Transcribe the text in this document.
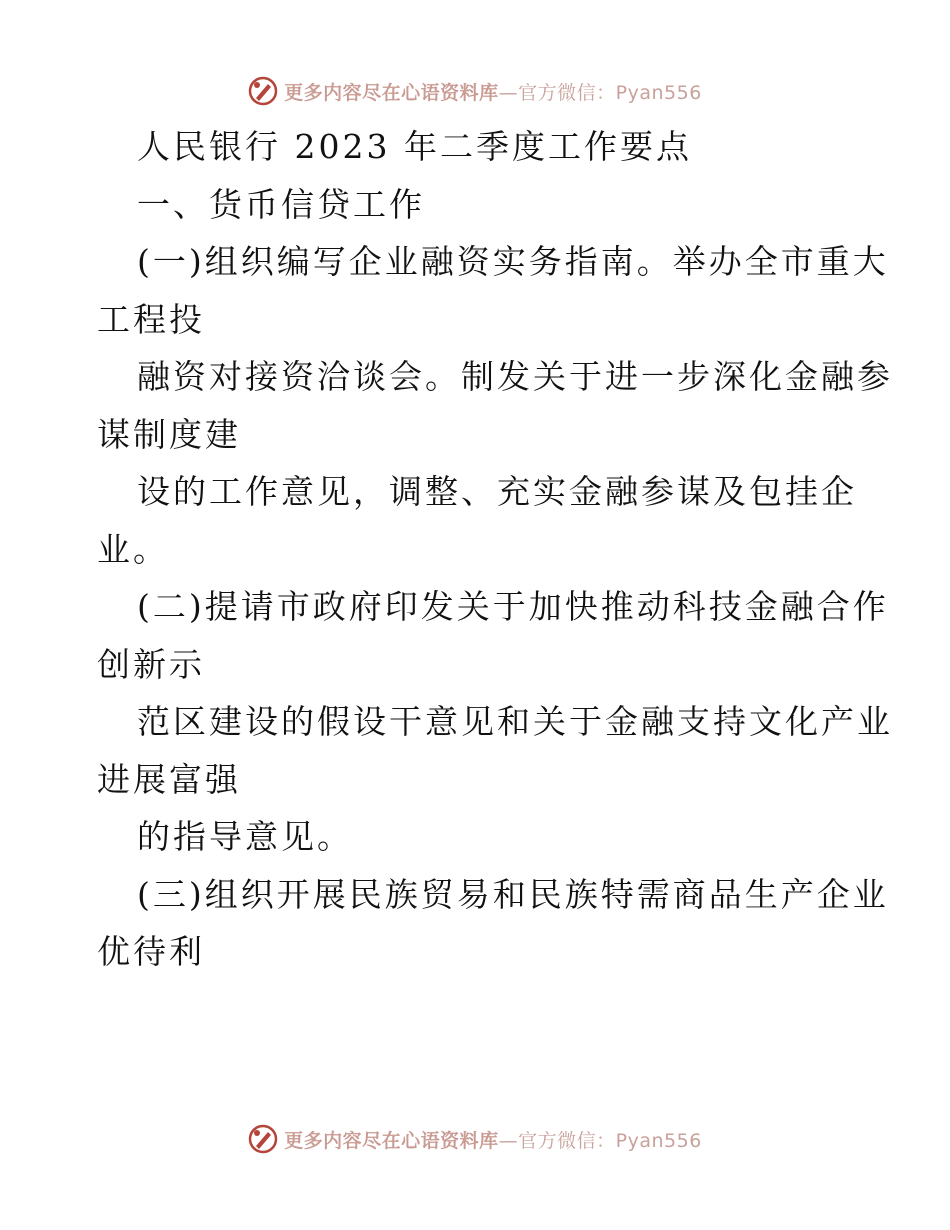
更多内容尽在心语资料库—官方微信：Pyan556
人民银行 2023 年二季度工作要点
一、货币信贷工作
(一)组织编写企业融资实务指南。举办全市重大
工程投
融资对接资洽谈会。制发关于进一步深化金融参
谋制度建
设的工作意见，调整、充实金融参谋及包挂企
业。
(二)提请市政府印发关于加快推动科技金融合作
创新示
范区建设的假设干意见和关于金融支持文化产业
进展富强
的指导意见。
(三)组织开展民族贸易和民族特需商品生产企业
优待利
更多内容尽在心语资料库—官方微信：Pyan556
